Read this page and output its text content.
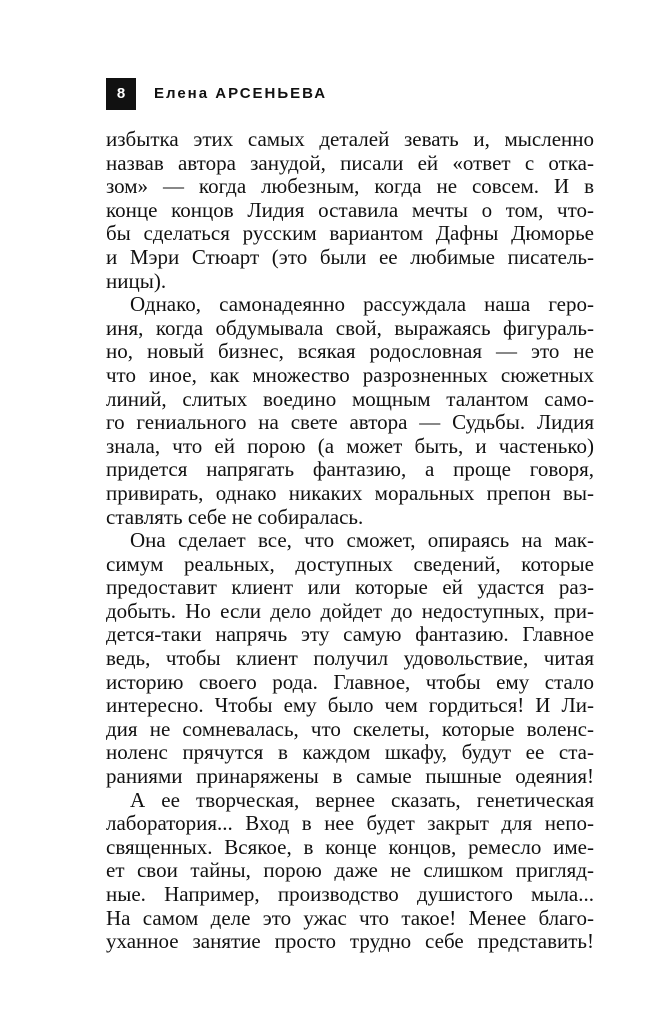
8	Елена АРСЕНЬЕВА
избытка этих самых деталей зевать и, мысленно
назвав автора занудой, писали ей «ответ с отка-
зом» — когда любезным, когда не совсем. И в
конце концов Лидия оставила мечты о том, что-
бы сделаться русским вариантом Дафны Дюморье
и Мэри Стюарт (это были ее любимые писатель-
ницы).
Однако, самонадеянно рассуждала наша геро-
иня, когда обдумывала свой, выражаясь фигураль-
но, новый бизнес, всякая родословная — это не
что иное, как множество разрозненных сюжетных
линий, слитых воедино мощным талантом само-
го гениального на свете автора — Судьбы. Лидия
знала, что ей порою (а может быть, и частенько)
придется напрягать фантазию, а проще говоря,
привирать, однако никаких моральных препон вы-
ставлять себе не собиралась.
Она сделает все, что сможет, опираясь на мак-
симум реальных, доступных сведений, которые
предоставит клиент или которые ей удастся раз-
добыть. Но если дело дойдет до недоступных, при-
дется-таки напрячь эту самую фантазию. Главное
ведь, чтобы клиент получил удовольствие, читая
историю своего рода. Главное, чтобы ему стало
интересно. Чтобы ему было чем гордиться! И Ли-
дия не сомневалась, что скелеты, которые воленс-
ноленс прячутся в каждом шкафу, будут ее ста-
раниями принаряжены в самые пышные одеяния!
А ее творческая, вернее сказать, генетическая
лаборатория... Вход в нее будет закрыт для непо-
священных. Всякое, в конце концов, ремесло име-
ет свои тайны, порою даже не слишком пригляд-
ные. Например, производство душистого мыла...
На самом деле это ужас что такое! Менее благо-
уханное занятие просто трудно себе представить!
